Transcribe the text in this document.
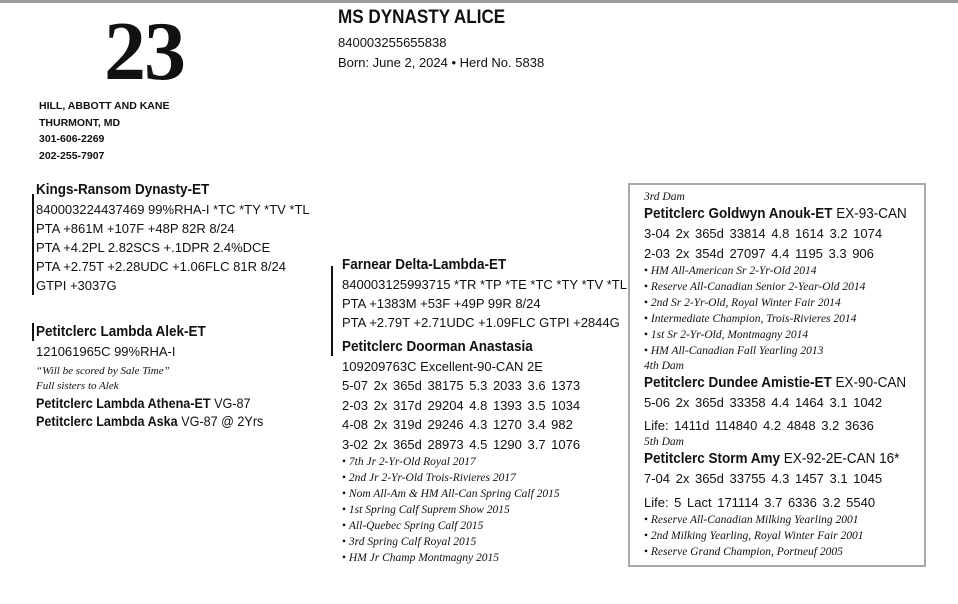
23
HILL, ABBOTT AND KANE
THURMONT, MD
301-606-2269
202-255-7907
MS DYNASTY ALICE
840003255655838
Born: June 2, 2024 • Herd No. 5838
Kings-Ransom Dynasty-ET
840003224437469 99%RHA-I *TC *TY *TV *TL
PTA +861M +107F +48P 82R 8/24
PTA +4.2PL 2.82SCS +.1DPR 2.4%DCE
PTA +2.75T +2.28UDC +1.06FLC 81R 8/24
GTPI +3037G
Petitclerc Lambda Alek-ET
121061965C 99%RHA-I
“Will be scored by Sale Time”
Full sisters to Alek
Petitclerc Lambda Athena-ET VG-87
Petitclerc Lambda Aska VG-87 @ 2Yrs
Farnear Delta-Lambda-ET
840003125993715 *TR *TP *TE *TC *TY *TV *TL
PTA +1383M +53F +49P 99R 8/24
PTA +2.79T +2.71UDC +1.09FLC GTPI +2844G
Petitclerc Doorman Anastasia
109209763C Excellent-90-CAN 2E
5-07 2x 365d 38175 5.3 2033 3.6 1373
2-03 2x 317d 29204 4.8 1393 3.5 1034
4-08 2x 319d 29246 4.3 1270 3.4 982
3-02 2x 365d 28973 4.5 1290 3.7 1076
• 7th Jr 2-Yr-Old Royal 2017
• 2nd Jr 2-Yr-Old Trois-Rivieres 2017
• Nom All-Am & HM All-Can Spring Calf 2015
• 1st Spring Calf Suprem Show 2015
• All-Quebec Spring Calf 2015
• 3rd Spring Calf Royal 2015
• HM Jr Champ Montmagny 2015
3rd Dam
Petitclerc Goldwyn Anouk-ET EX-93-CAN
3-04 2x 365d 33814 4.8 1614 3.2 1074
2-03 2x 354d 27097 4.4 1195 3.3 906
• HM All-American Sr 2-Yr-Old 2014
• Reserve All-Canadian Senior 2-Year-Old 2014
• 2nd Sr 2-Yr-Old, Royal Winter Fair 2014
• Intermediate Champion, Trois-Rivieres 2014
• 1st Sr 2-Yr-Old, Montmagny 2014
• HM All-Canadian Fall Yearling 2013
4th Dam
Petitclerc Dundee Amistie-ET EX-90-CAN
5-06 2x 365d 33358 4.4 1464 3.1 1042
Life: 1411d 114840 4.2 4848 3.2 3636
5th Dam
Petitclerc Storm Amy EX-92-2E-CAN 16*
7-04 2x 365d 33755 4.3 1457 3.1 1045
Life: 5 Lact 171114 3.7 6336 3.2 5540
• Reserve All-Canadian Milking Yearling 2001
• 2nd Milking Yearling, Royal Winter Fair 2001
• Reserve Grand Champion, Portneuf 2005
